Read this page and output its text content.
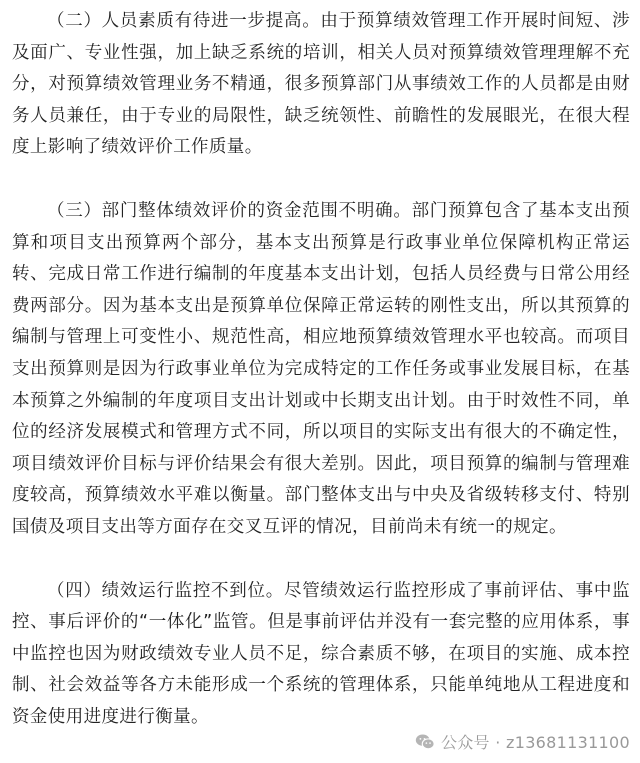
（二）人员素质有待进一步提高。由于预算绩效管理工作开展时间短、涉及面广、专业性强，加上缺乏系统的培训，相关人员对预算绩效管理理解不充分，对预算绩效管理业务不精通，很多预算部门从事绩效工作的人员都是由财务人员兼任，由于专业的局限性，缺乏统领性、前瞻性的发展眼光，在很大程度上影响了绩效评价工作质量。

（三）部门整体绩效评价的资金范围不明确。部门预算包含了基本支出预算和项目支出预算两个部分，基本支出预算是行政事业单位保障机构正常运转、完成日常工作进行编制的年度基本支出计划，包括人员经费与日常公用经费两部分。因为基本支出是预算单位保障正常运转的刚性支出，所以其预算的编制与管理上可变性小、规范性高，相应地预算绩效管理水平也较高。而项目支出预算则是因为行政事业单位为完成特定的工作任务或事业发展目标，在基本预算之外编制的年度项目支出计划或中长期支出计划。由于时效性不同，单位的经济发展模式和管理方式不同，所以项目的实际支出有很大的不确定性，项目绩效评价目标与评价结果会有很大差别。因此，项目预算的编制与管理难度较高，预算绩效水平难以衡量。部门整体支出与中央及省级转移支付、特别国债及项目支出等方面存在交叉互评的情况，目前尚未有统一的规定。

（四）绩效运行监控不到位。尽管绩效运行监控形成了事前评估、事中监控、事后评价的“一体化”监管。但是事前评估并没有一套完整的应用体系，事中监控也因为财政绩效专业人员不足，综合素质不够，在项目的实施、成本控制、社会效益等各方未能形成一个系统的管理体系，只能单纯地从工程进度和资金使用进度进行衡量。

公众号 · z13681131100
